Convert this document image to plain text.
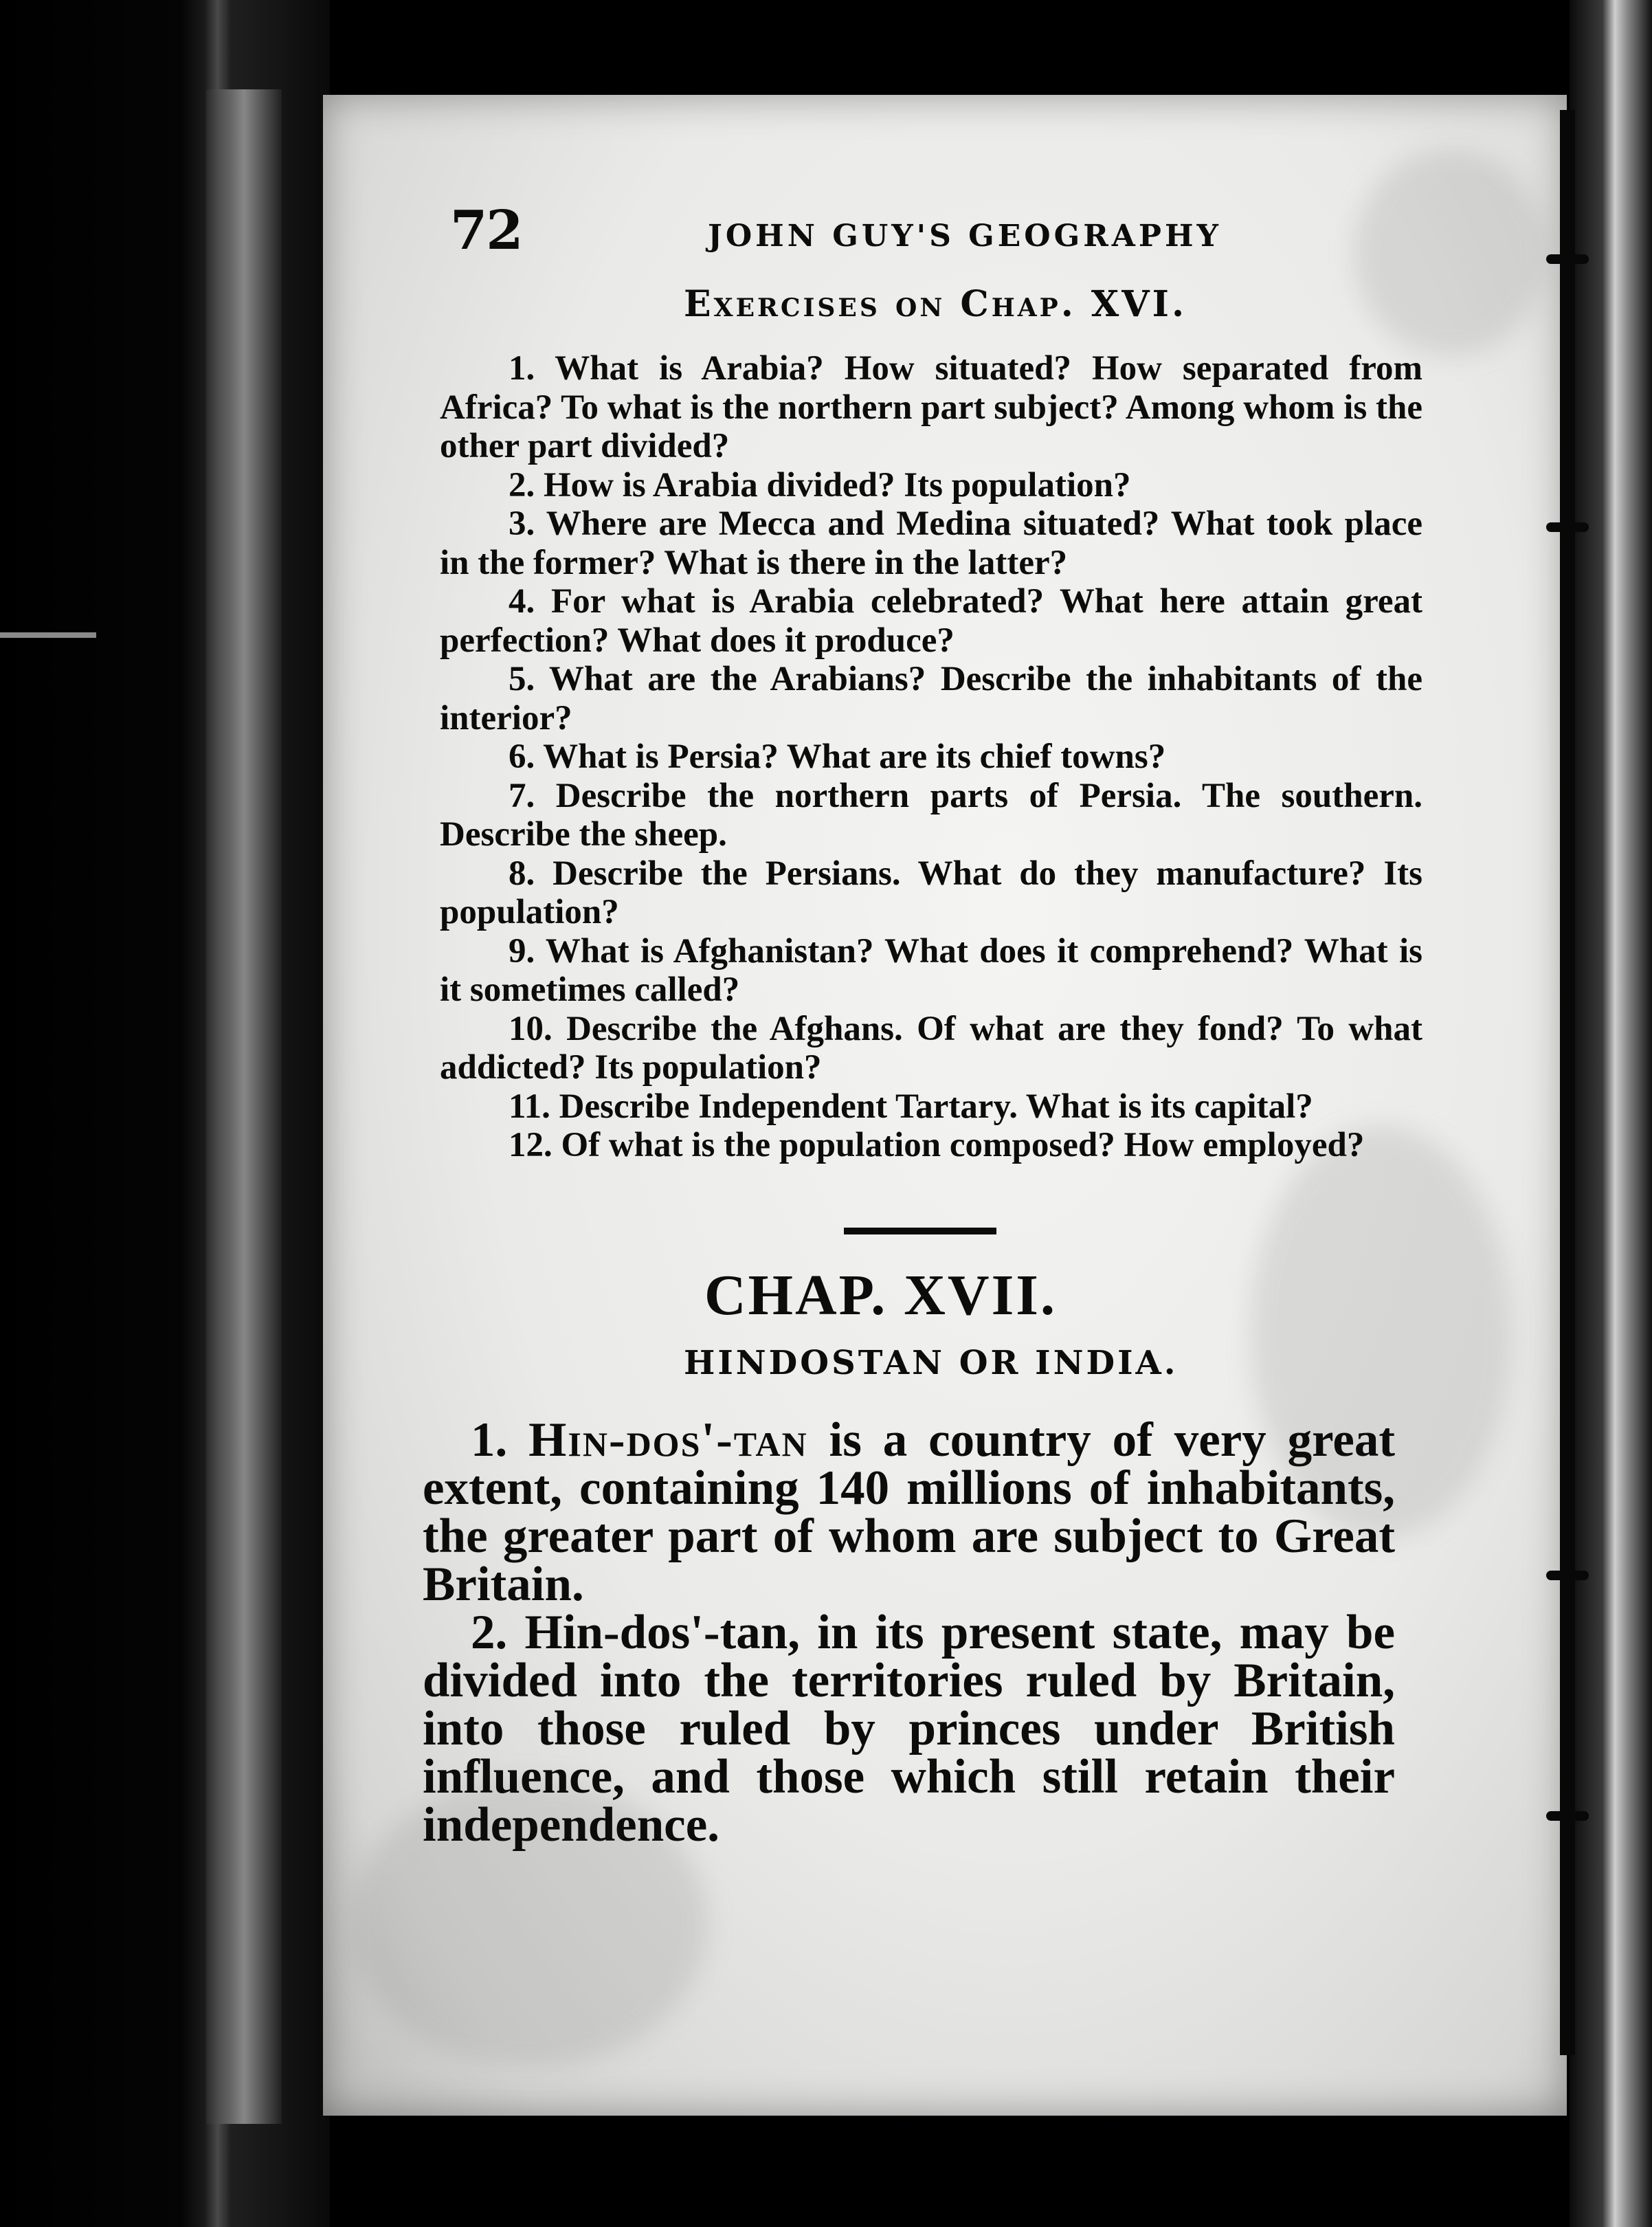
72	JOHN GUY'S GEOGRAPHY
Exercises on Chap. XVI.

1. What is Arabia? How situated? How separated from Africa? To what is the northern part subject? Among whom is the other part divided?

2. How is Arabia divided? Its population?

3. Where are Mecca and Medina situated? What took place in the former? What is there in the latter?

4. For what is Arabia celebrated? What here attain great perfection? What does it produce?

5. What are the Arabians? Describe the inhabitants of the interior?

6. What is Persia? What are its chief towns?

7. Describe the northern parts of Persia. The southern. Describe the sheep.

8. Describe the Persians. What do they manufacture? Its population?

9. What is Afghanistan? What does it comprehend? What is it sometimes called?

10. Describe the Afghans. Of what are they fond? To what addicted? Its population?

11. Describe Independent Tartary. What is its capital?

12. Of what is the population composed? How employed?

CHAP. XVII.
HINDOSTAN OR INDIA.

1. Hin-dos'-tan is a country of very great extent, containing 140 millions of inhabitants, the greater part of whom are subject to Great Britain.

2. Hin-dos'-tan, in its present state, may be divided into the territories ruled by Britain, into those ruled by princes under British influence, and those which still retain their independence.
